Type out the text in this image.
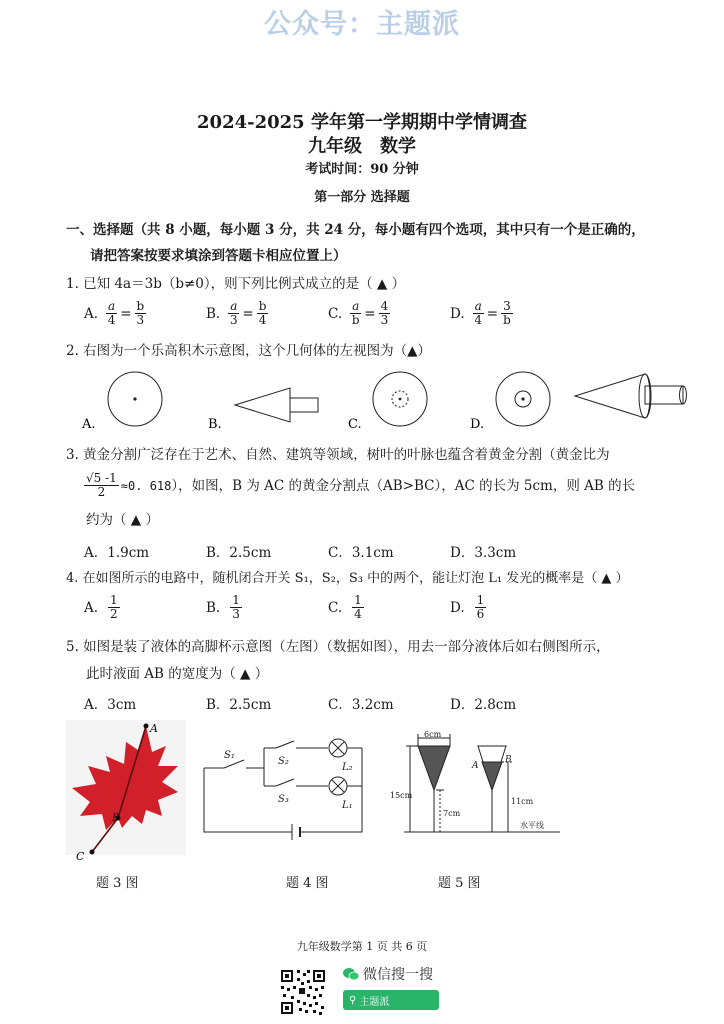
公众号：主题派
2024-2025 学年第一学期期中学情调查
九年级　数学
考试时间：90 分钟
第一部分 选择题
一、选择题（共 8 小题，每小题 3 分，共 24 分，每小题有四个选项，其中只有一个是正确的，
请把答案按要求填涂到答题卡相应位置上）
1. 已知 4a＝3b（b≠0），则下列比例式成立的是（ ▲ ）
A. $\frac{a}{4} = \frac{b}{3}$	B. $\frac{a}{3} = \frac{b}{4}$	C. $\frac{a}{b} = \frac{4}{3}$	D. $\frac{a}{4} = \frac{3}{b}$
2. 右图为一个乐高积木示意图，这个几何体的左视图为（▲）
A.	B.	C.	D.
3. 黄金分割广泛存在于艺术、自然、建筑等领域，树叶的叶脉也蕴含着黄金分割（黄金比为
$\frac{√5 -1}{2} \approx 0$. 618 ），如图，B 为 AC 的黄金分割点（AB>BC），AC 的长为 5cm，则 AB 的长
约为（ ▲ ）
A．1.9cm	B．2.5cm	C．3.1cm	D．3.3cm
4. 在如图所示的电路中，随机闭合开关 S₁，S₂，S₃ 中的两个，能让灯泡 L₁ 发光的概率是（ ▲ ）
A. $\frac{1}{2}$	B. $\frac{1}{3}$	C. $\frac{1}{4}$	D. $\frac{1}{6}$
5. 如图是装了液体的高脚杯示意图（左图）（数据如图），用去一部分液体后如右侧图所示，
此时液面 AB 的宽度为（ ▲ ）
A．3cm	B．2.5cm	C．3.2cm	D．2.8cm
A
B
C
S₁
S₂
S₃
L₂
L₁
6cm
15cm
7cm
A
B
11cm
水平线
题 3 图	题 4 图	题 5 图
九年级数学第 1 页 共 6 页
微信搜一搜
⚲ 主题派
